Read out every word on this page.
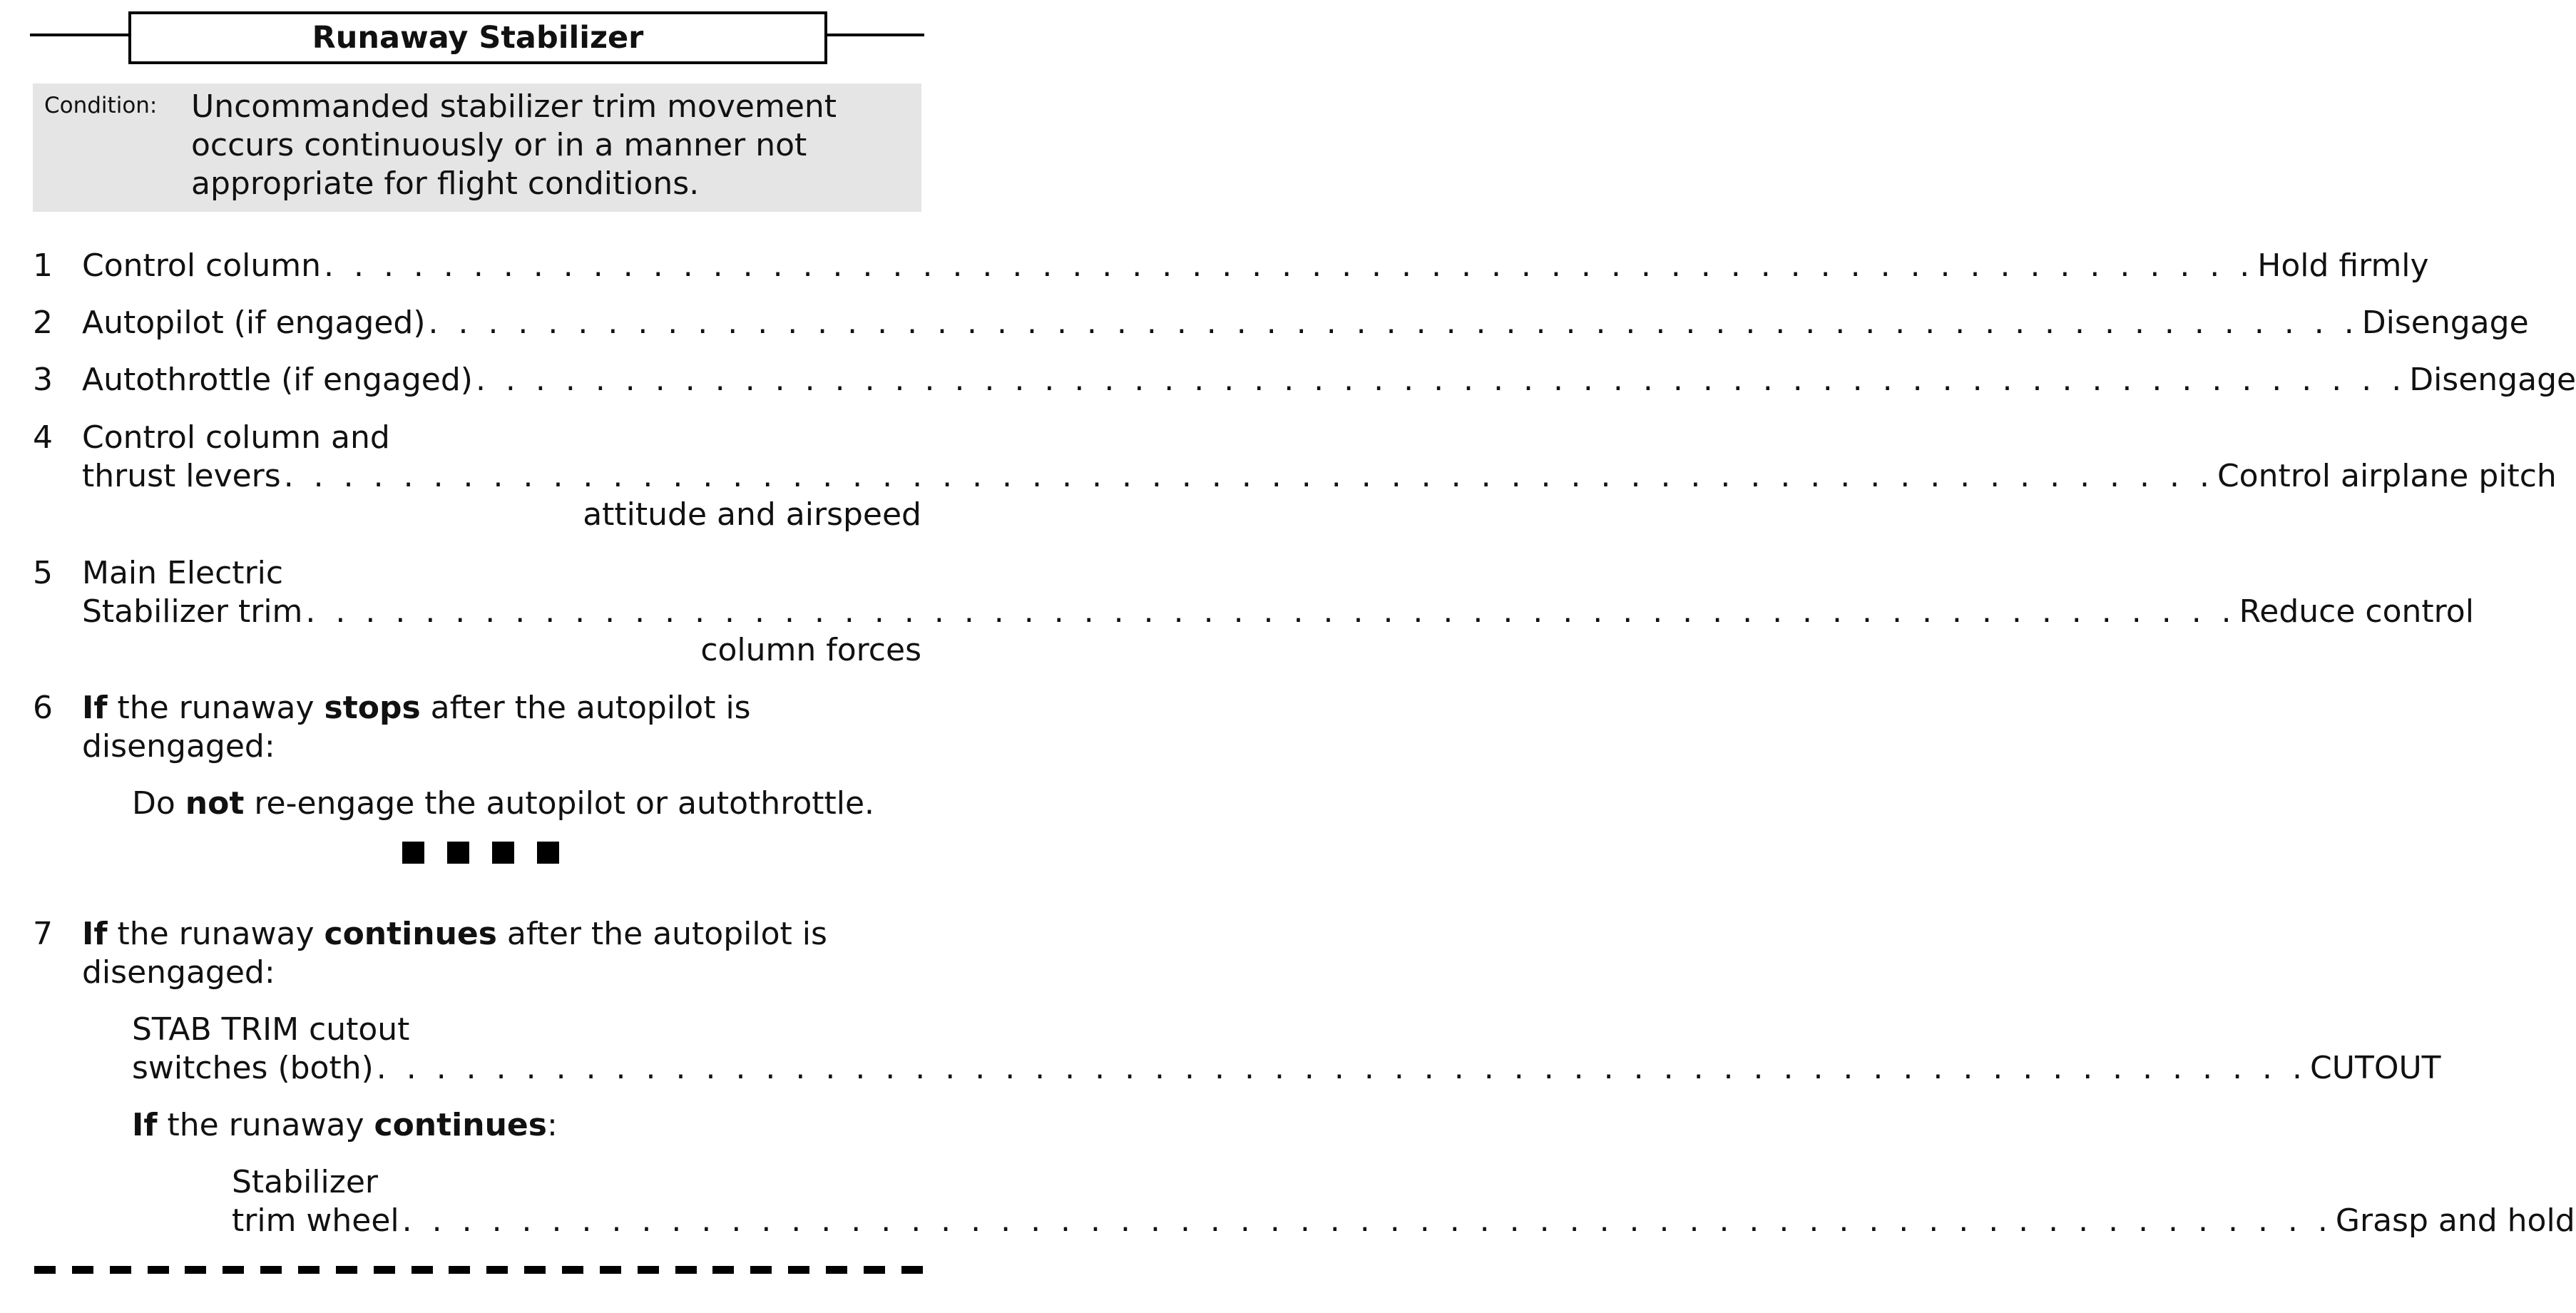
Runaway Stabilizer
Condition: Uncommanded stabilizer trim movement occurs continuously or in a manner not appropriate for flight conditions.
1 Control column . . . . . . . . . . . . . . . . . . . . . . . . . . . . . . . . . . . . . . . . . . . . . . . . . . . . . . . . . . . . . . . . . Hold firmly
2 Autopilot (if engaged) . . . . . . . . . . . . . . . . . . . . . . . . . . . . . . . . . . . . . . . . . . . . . . . . . . . . . . . . . . . . . . . . . Disengage
3 Autothrottle (if engaged) . . . . . . . . . . . . . . . . . . . . . . . . . . . . . . . . . . . . . . . . . . . . . . . . . . . . . . . . . . . . . . . . . Disengage
4 Control column and
thrust levers . . . . . . . . . . . . . . . . . . . . . . . . . . . . . . . . . . . . . . . . . . . . . . . . . . . . . . . . . . . . . . . . . Control airplane pitch
attitude and airspeed
5 Main Electric
Stabilizer trim . . . . . . . . . . . . . . . . . . . . . . . . . . . . . . . . . . . . . . . . . . . . . . . . . . . . . . . . . . . . . . . . . Reduce control
column forces
6 If the runaway stops after the autopilot is
disengaged:
Do not re-engage the autopilot or autothrottle.
7 If the runaway continues after the autopilot is
disengaged:
STAB TRIM cutout
switches (both) . . . . . . . . . . . . . . . . . . . . . . . . . . . . . . . . . . . . . . . . . . . . . . . . . . . . . . . . . . . . . . . . . CUTOUT
If the runaway continues:
Stabilizer
trim wheel . . . . . . . . . . . . . . . . . . . . . . . . . . . . . . . . . . . . . . . . . . . . . . . . . . . . . . . . . . . . . . . . . Grasp and hold
